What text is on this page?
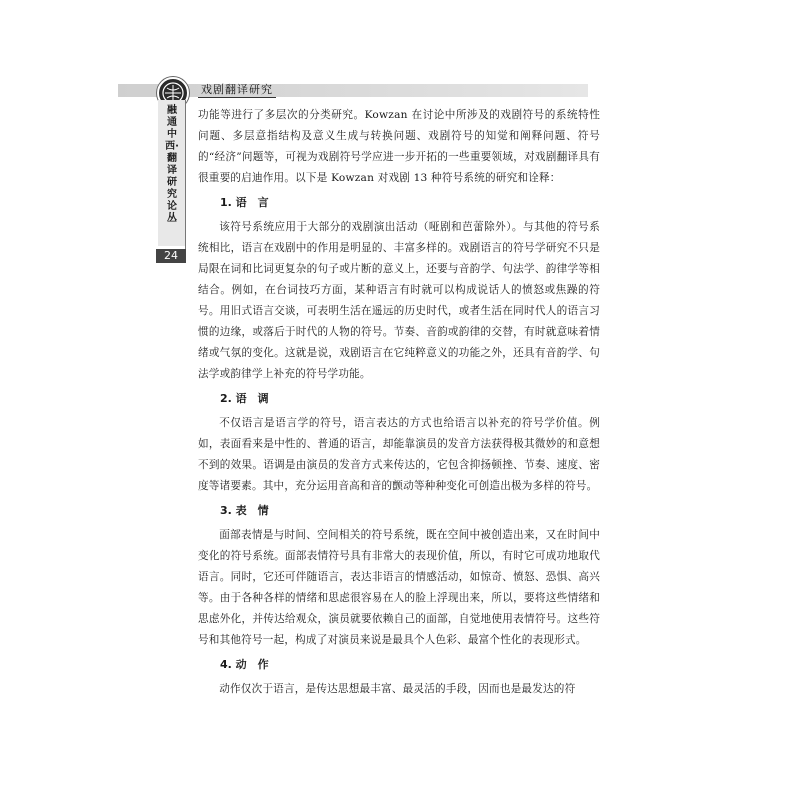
戏剧翻译研究
融通中西·翻译研究论丛
24

功能等进行了多层次的分类研究。Kowzan 在讨论中所涉及的戏剧符号的系统特性问题、多层意指结构及意义生成与转换问题、戏剧符号的知觉和阐释问题、符号的“经济”问题等，可视为戏剧符号学应进一步开拓的一些重要领域，对戏剧翻译具有很重要的启迪作用。以下是 Kowzan 对戏剧 13 种符号系统的研究和诠释：

1. 语　言

该符号系统应用于大部分的戏剧演出活动（哑剧和芭蕾除外）。与其他的符号系统相比，语言在戏剧中的作用是明显的、丰富多样的。戏剧语言的符号学研究不只是局限在词和比词更复杂的句子或片断的意义上，还要与音韵学、句法学、韵律学等相结合。例如，在台词技巧方面，某种语言有时就可以构成说话人的愤怒或焦躁的符号。用旧式语言交谈，可表明生活在遥远的历史时代，或者生活在同时代人的语言习惯的边缘，或落后于时代的人物的符号。节奏、音韵或韵律的交替，有时就意味着情绪或气氛的变化。这就是说，戏剧语言在它纯粹意义的功能之外，还具有音韵学、句法学或韵律学上补充的符号学功能。

2. 语　调

不仅语言是语言学的符号，语言表达的方式也给语言以补充的符号学价值。例如，表面看来是中性的、普通的语言，却能靠演员的发音方法获得极其微妙的和意想不到的效果。语调是由演员的发音方式来传达的，它包含抑扬顿挫、节奏、速度、密度等诸要素。其中，充分运用音高和音的颤动等种种变化可创造出极为多样的符号。

3. 表　情

面部表情是与时间、空间相关的符号系统，既在空间中被创造出来，又在时间中变化的符号系统。面部表情符号具有非常大的表现价值，所以，有时它可成功地取代语言。同时，它还可伴随语言，表达非语言的情感活动，如惊奇、愤怒、恐惧、高兴等。由于各种各样的情绪和思虑很容易在人的脸上浮现出来，所以，要将这些情绪和思虑外化，并传达给观众，演员就要依赖自己的面部，自觉地使用表情符号。这些符号和其他符号一起，构成了对演员来说是最具个人色彩、最富个性化的表现形式。

4. 动　作

动作仅次于语言，是传达思想最丰富、最灵活的手段，因而也是最发达的符
